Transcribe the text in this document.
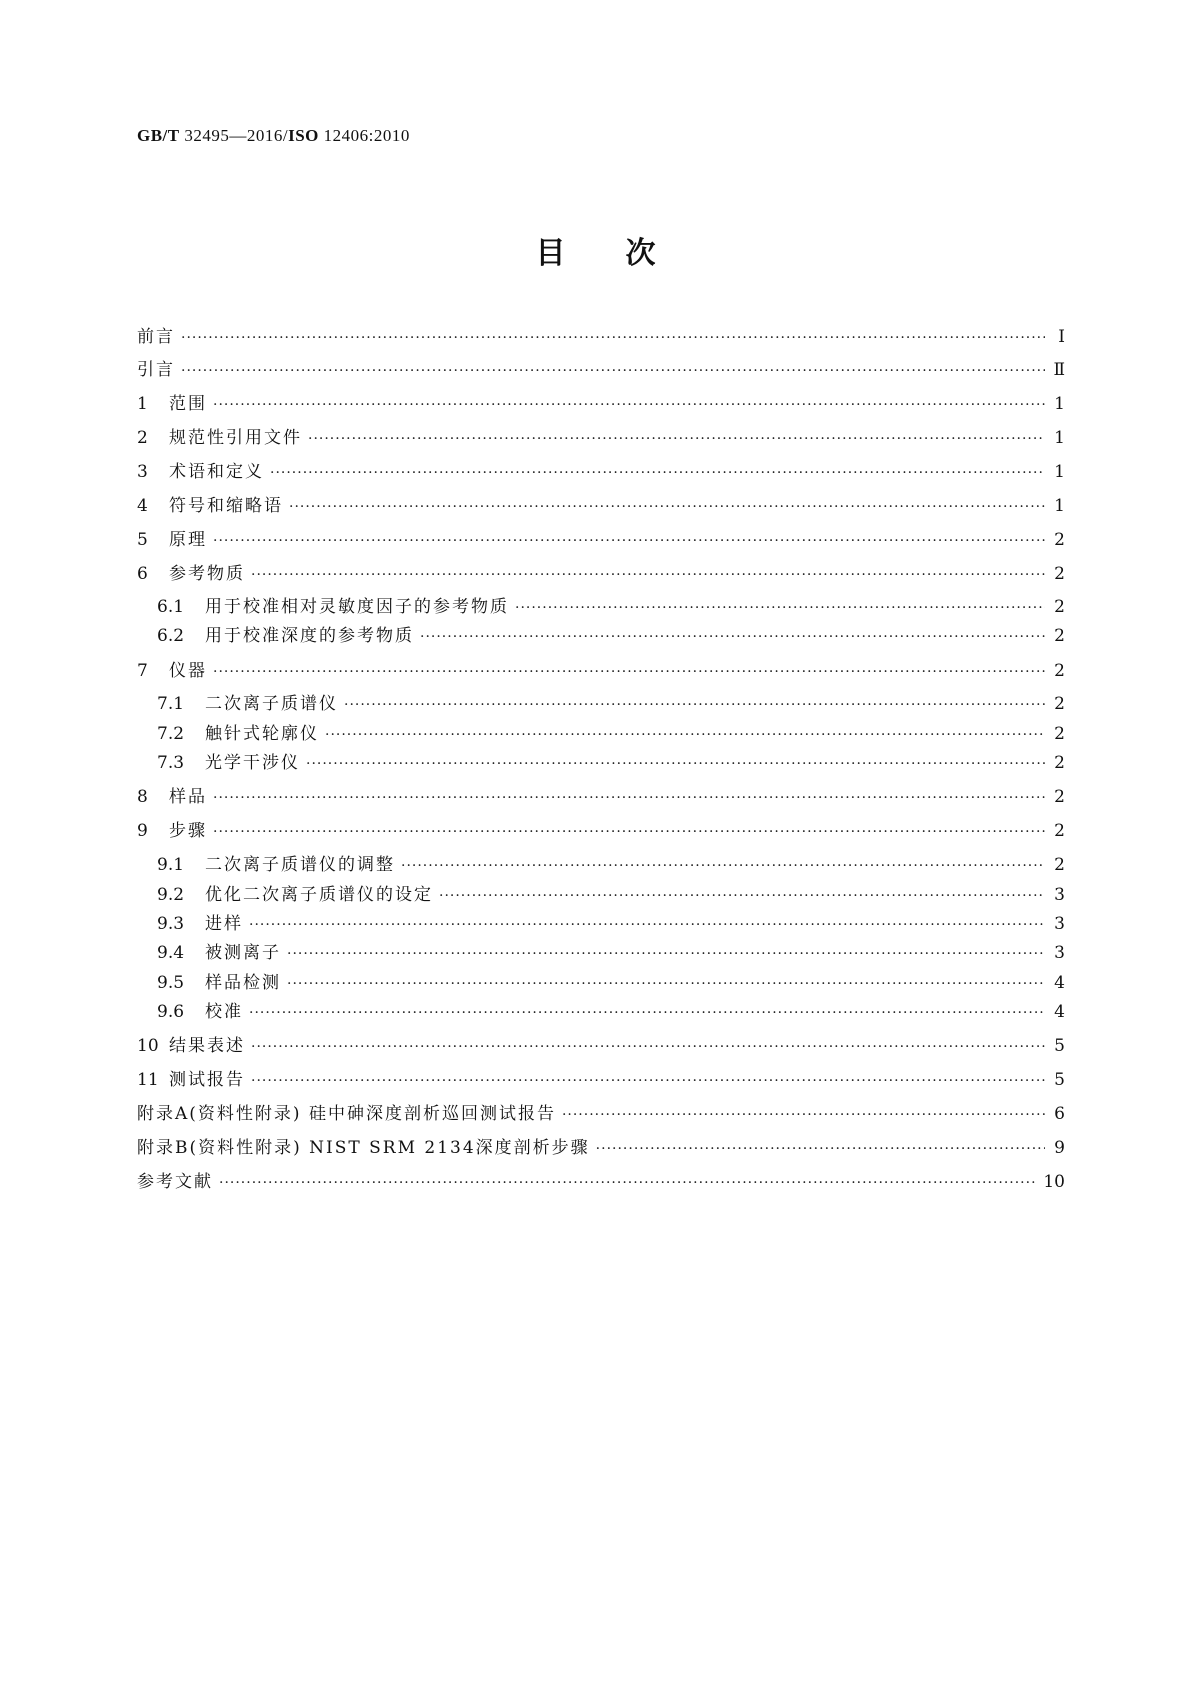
GB/T 32495—2016/ISO 12406:2010
目次
前言 ·····	Ⅰ
引言 ·····	Ⅱ
1	范围 ·····	1
2	规范性引用文件 ·····	1
3	术语和定义 ·····	1
4	符号和缩略语 ·····	1
5	原理 ·····	2
6	参考物质 ·····	2
6.1	用于校准相对灵敏度因子的参考物质 ·····	2
6.2	用于校准深度的参考物质 ·····	2
7	仪器 ·····	2
7.1	二次离子质谱仪 ·····	2
7.2	触针式轮廓仪 ·····	2
7.3	光学干涉仪 ·····	2
8	样品 ·····	2
9	步骤 ·····	2
9.1	二次离子质谱仪的调整 ·····	2
9.2	优化二次离子质谱仪的设定 ·····	3
9.3	进样 ·····	3
9.4	被测离子 ·····	3
9.5	样品检测 ·····	4
9.6	校准 ·····	4
10 结果表述 ·····	5
11 测试报告 ·····	5
附录A(资料性附录) 硅中砷深度剖析巡回测试报告 ·····	6
附录B(资料性附录) NIST SRM 2134深度剖析步骤 ·····	9
参考文献 ·····	10
